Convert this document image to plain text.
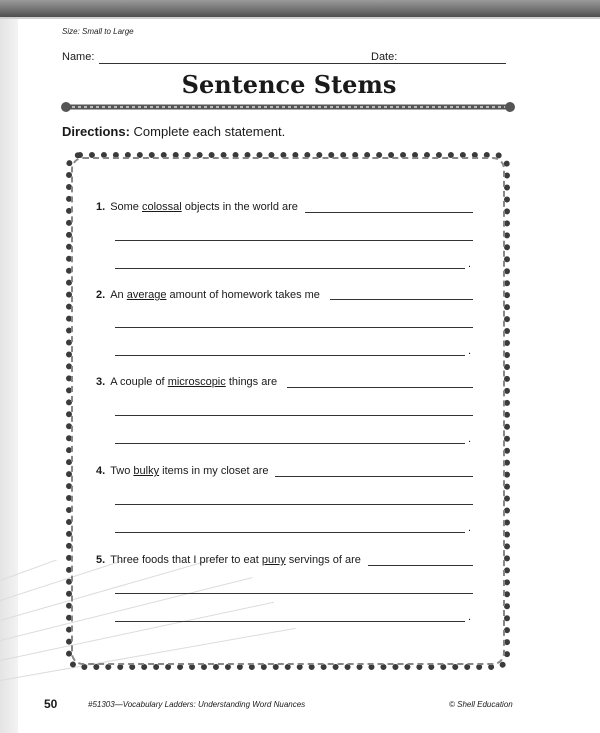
Size: Small to Large
Name:	Date:
Sentence Stems
Directions: Complete each statement.
1. Some colossal objects in the world are
.
2. An average amount of homework takes me
.
3. A couple of microscopic things are
.
4. Two bulky items in my closet are
.
5. Three foods that I prefer to eat puny servings of are
.
50	#51303—Vocabulary Ladders: Understanding Word Nuances	© Shell Education
